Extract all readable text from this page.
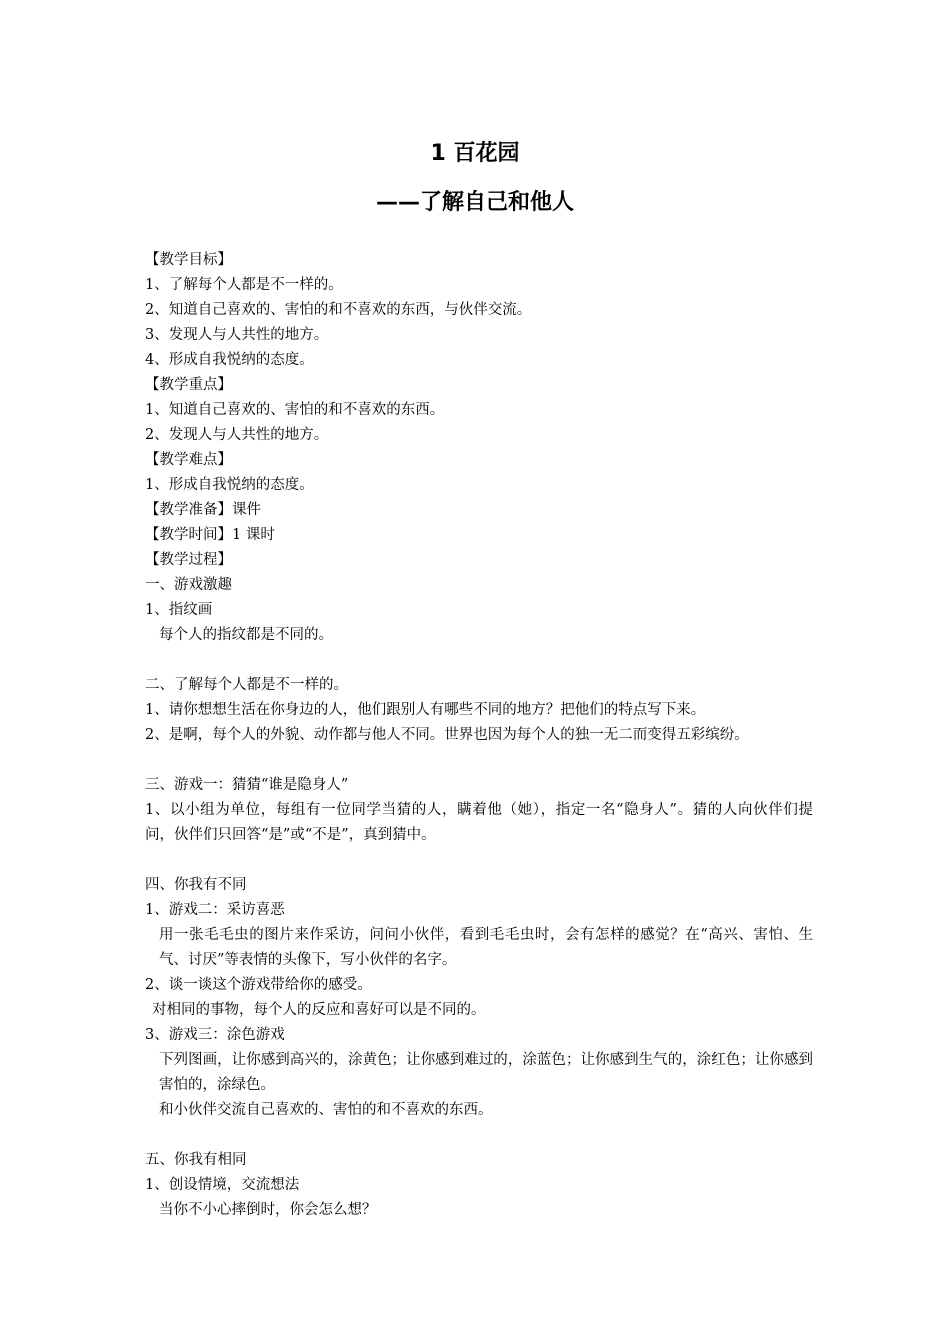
1 百花园
——了解自己和他人
【教学目标】
1、了解每个人都是不一样的。
2、知道自己喜欢的、害怕的和不喜欢的东西，与伙伴交流。
3、发现人与人共性的地方。
4、形成自我悦纳的态度。
【教学重点】
1、知道自己喜欢的、害怕的和不喜欢的东西。
2、发现人与人共性的地方。
【教学难点】
1、形成自我悦纳的态度。
【教学准备】课件
【教学时间】1 课时
【教学过程】
一、游戏激趣
1、指纹画
每个人的指纹都是不同的。
二、了解每个人都是不一样的。
1、请你想想生活在你身边的人，他们跟别人有哪些不同的地方？把他们的特点写下来。
2、是啊，每个人的外貌、动作都与他人不同。世界也因为每个人的独一无二而变得五彩缤纷。
三、游戏一：猜猜“谁是隐身人”
1、以小组为单位，每组有一位同学当猜的人，瞒着他（她），指定一名“隐身人”。猜的人向伙伴们提问，伙伴们只回答“是”或“不是”，真到猜中。
四、你我有不同
1、游戏二：采访喜恶
用一张毛毛虫的图片来作采访，问问小伙伴，看到毛毛虫时，会有怎样的感觉？在“高兴、害怕、生气、讨厌”等表情的头像下，写小伙伴的名字。
2、谈一谈这个游戏带给你的感受。
对相同的事物，每个人的反应和喜好可以是不同的。
3、游戏三：涂色游戏
下列图画，让你感到高兴的，涂黄色；让你感到难过的，涂蓝色；让你感到生气的，涂红色；让你感到害怕的，涂绿色。
和小伙伴交流自己喜欢的、害怕的和不喜欢的东西。
五、你我有相同
1、创设情境，交流想法
当你不小心摔倒时，你会怎么想？
